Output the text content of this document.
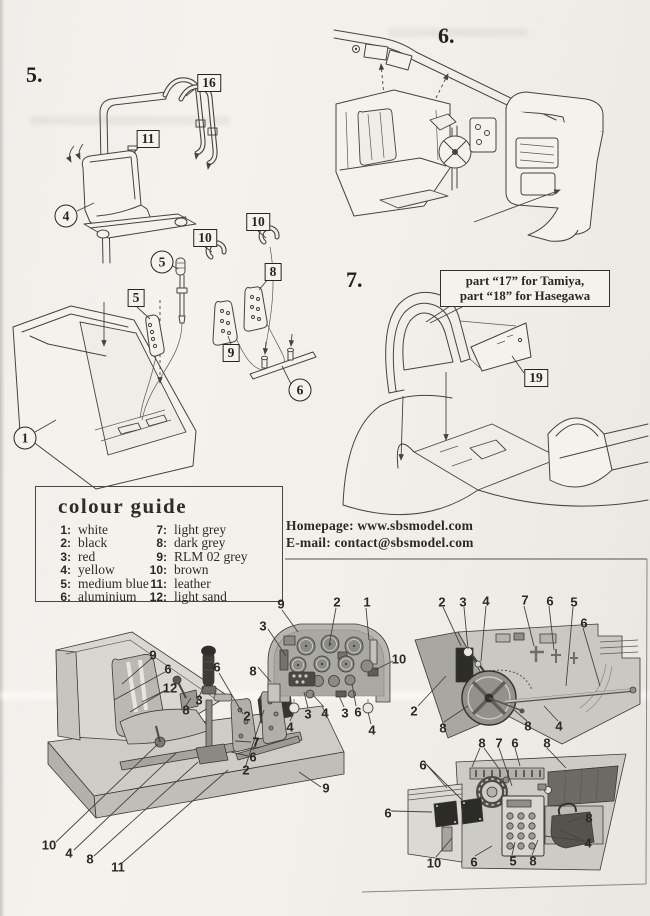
5.
6.
7.	part “17” for Tamiya,
part “18” for Hasegawa
Homepage: www.sbsmodel.com
E-mail: contact@sbsmodel.com
colour guide
1: white
2: black
3: red
4: yellow
5: medium blue
6: aluminium
7: light grey
8: dark grey
9: RLM 02 grey
10: brown
11: leather
12: light sand
16
11
10
10
5
8
9
4
5
6
1
19
9
6
12
3
8
6
2
7
6
2
9
10
4 8
11
9	2 1
3
10
8
4
3 4 3 6
4
2 3 4 7 6 5
6
2
8	8 4
8 7 6 8
6
6	8
4
10 6 5 8
